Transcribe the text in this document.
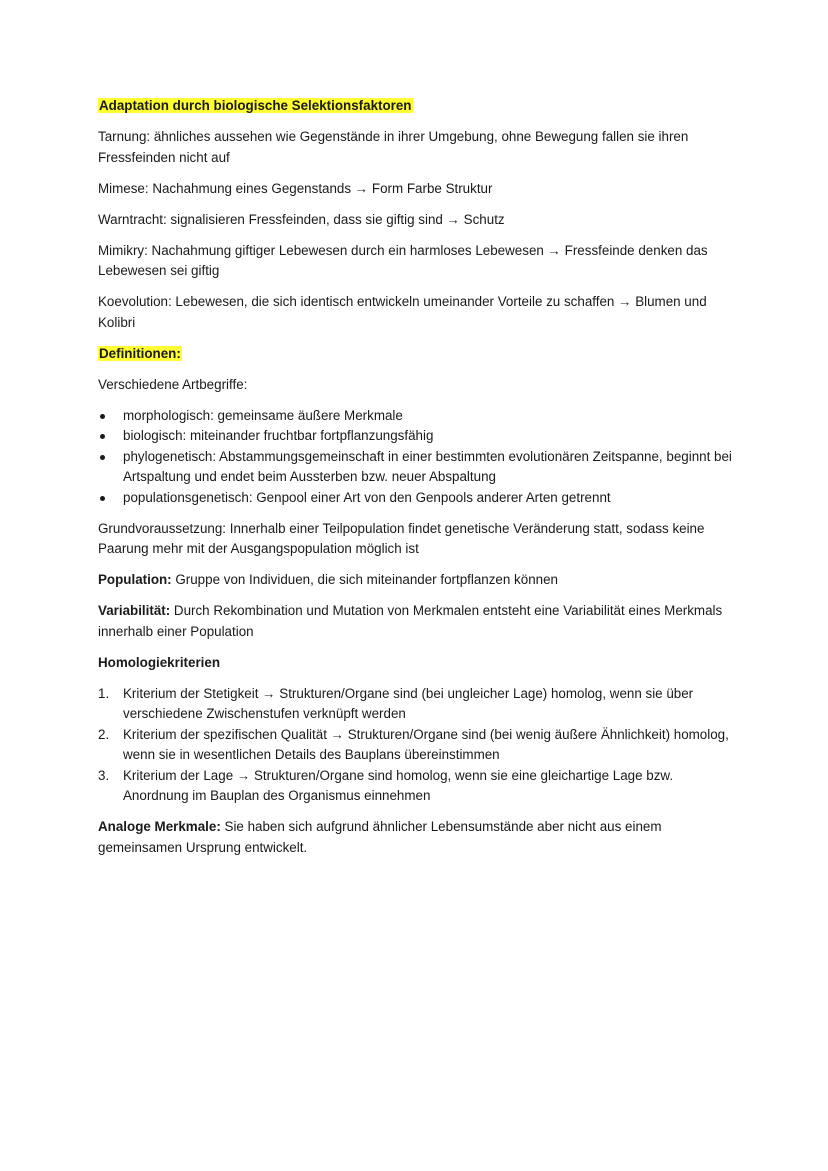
Adaptation durch biologische Selektionsfaktoren

Tarnung: ähnliches aussehen wie Gegenstände in ihrer Umgebung, ohne Bewegung fallen sie ihren Fressfeinden nicht auf

Mimese: Nachahmung eines Gegenstands → Form Farbe Struktur

Warntracht: signalisieren Fressfeinden, dass sie giftig sind → Schutz

Mimikry: Nachahmung giftiger Lebewesen durch ein harmloses Lebewesen → Fressfeinde denken das Lebewesen sei giftig

Koevolution: Lebewesen, die sich identisch entwickeln umeinander Vorteile zu schaffen → Blumen und Kolibri

Definitionen:

Verschiedene Artbegriffe:

morphologisch: gemeinsame äußere Merkmale
biologisch: miteinander fruchtbar fortpflanzungsfähig
phylogenetisch: Abstammungsgemeinschaft in einer bestimmten evolutionären Zeitspanne, beginnt bei Artspaltung und endet beim Aussterben bzw. neuer Abspaltung
populationsgenetisch: Genpool einer Art von den Genpools anderer Arten getrennt

Grundvoraussetzung: Innerhalb einer Teilpopulation findet genetische Veränderung statt, sodass keine Paarung mehr mit der Ausgangspopulation möglich ist

Population: Gruppe von Individuen, die sich miteinander fortpflanzen können

Variabilität: Durch Rekombination und Mutation von Merkmalen entsteht eine Variabilität eines Merkmals innerhalb einer Population

Homologiekriterien

1. Kriterium der Stetigkeit → Strukturen/Organe sind (bei ungleicher Lage) homolog, wenn sie über verschiedene Zwischenstufen verknüpft werden
2. Kriterium der spezifischen Qualität → Strukturen/Organe sind (bei wenig äußere Ähnlichkeit) homolog, wenn sie in wesentlichen Details des Bauplans übereinstimmen
3. Kriterium der Lage → Strukturen/Organe sind homolog, wenn sie eine gleichartige Lage bzw. Anordnung im Bauplan des Organismus einnehmen

Analoge Merkmale: Sie haben sich aufgrund ähnlicher Lebensumstände aber nicht aus einem gemeinsamen Ursprung entwickelt.
